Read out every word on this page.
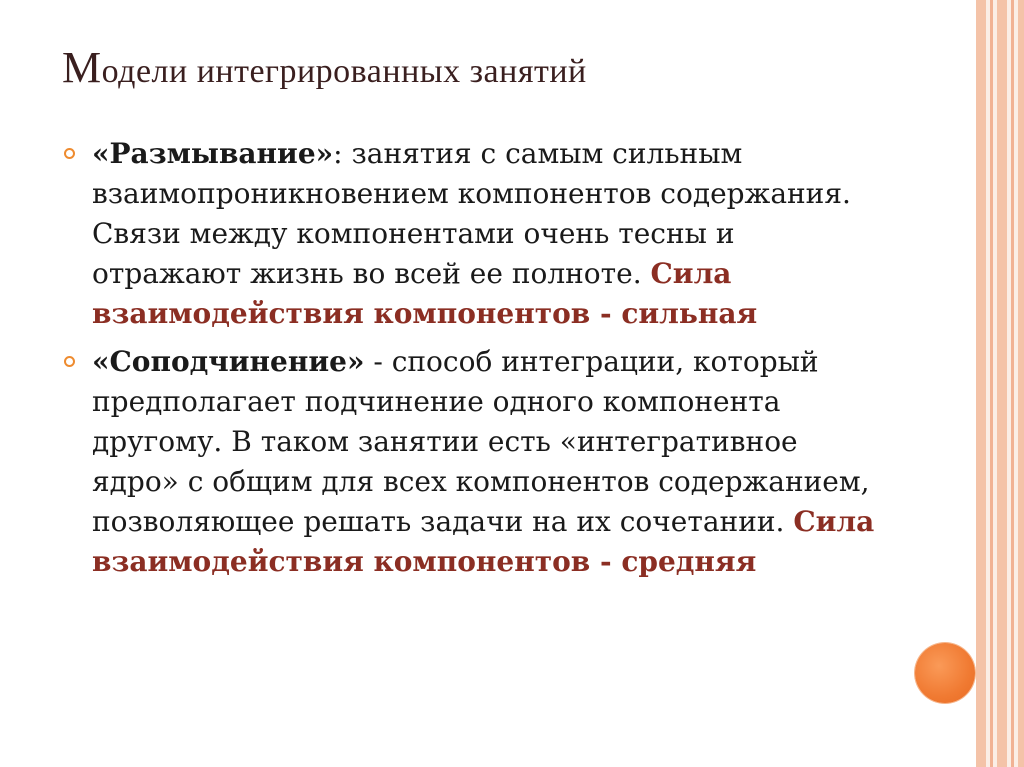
Модели интегрированных занятий
«Размывание»: занятия с самым сильным взаимопроникновением компонентов содержания. Связи между компонентами очень тесны и отражают жизнь во всей ее полноте. Сила взаимодействия компонентов - сильная
«Соподчинение» - способ интеграции, который предполагает подчинение одного компонента другому. В таком занятии есть «интегративное ядро» с общим для всех компонентов содержанием, позволяющее решать задачи на их сочетании. Сила взаимодействия компонентов - средняя
